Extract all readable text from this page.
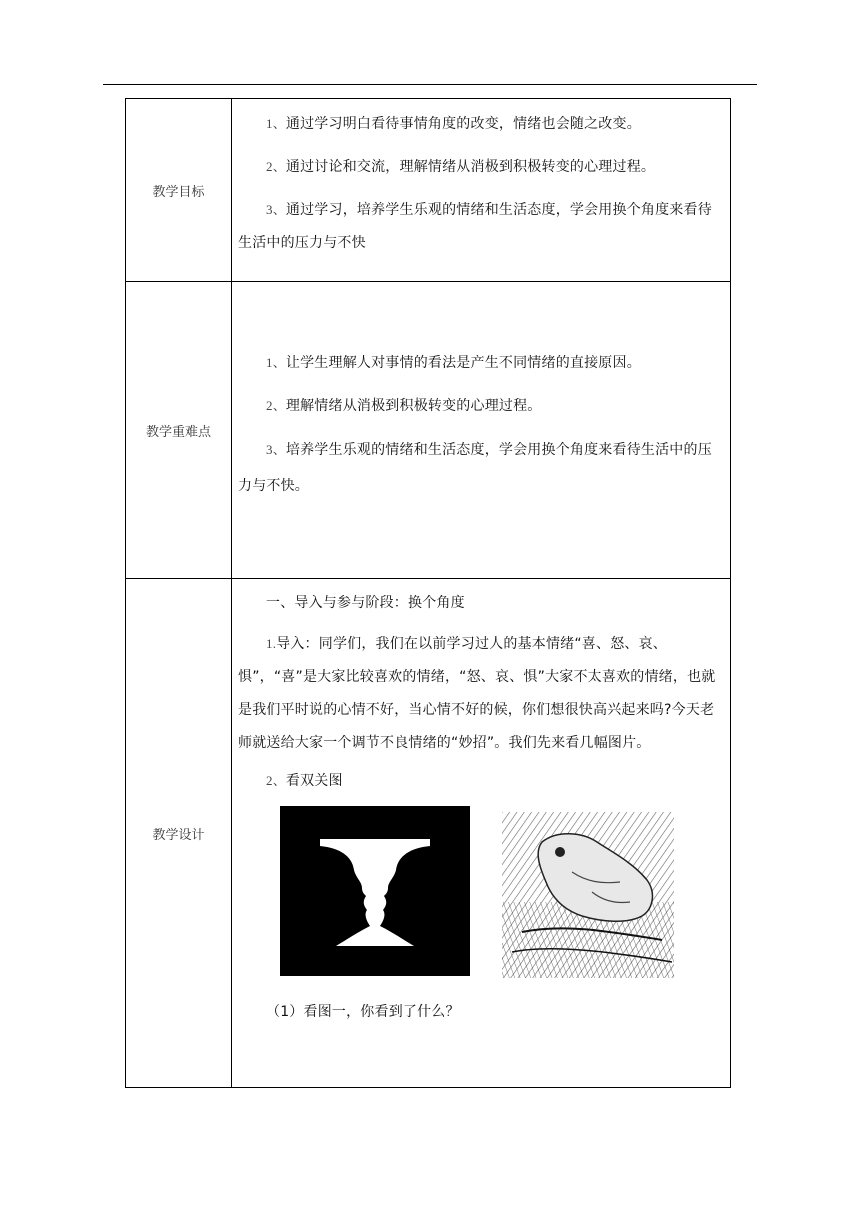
教学目标	1、通过学习明白看待事情角度的改变，情绪也会随之改变。

2、通过讨论和交流，理解情绪从消极到积极转变的心理过程。

3、通过学习，培养学生乐观的情绪和生活态度，学会用换个角度来看待生活中的压力与不快

教学重难点	1、让学生理解人对事情的看法是产生不同情绪的直接原因。

2、理解情绪从消极到积极转变的心理过程。

3、培养学生乐观的情绪和生活态度，学会用换个角度来看待生活中的压力与不快。

教学设计	一、导入与参与阶段：换个角度

1.导入：同学们，我们在以前学习过人的基本情绪“喜、怒、哀、惧”，“喜”是大家比较喜欢的情绪，“怒、哀、惧”大家不太喜欢的情绪，也就是我们平时说的心情不好，当心情不好的候，你们想很快高兴起来吗?今天老师就送给大家一个调节不良情绪的“妙招”。我们先来看几幅图片。

2、看双关图

（1）看图一，你看到了什么？
